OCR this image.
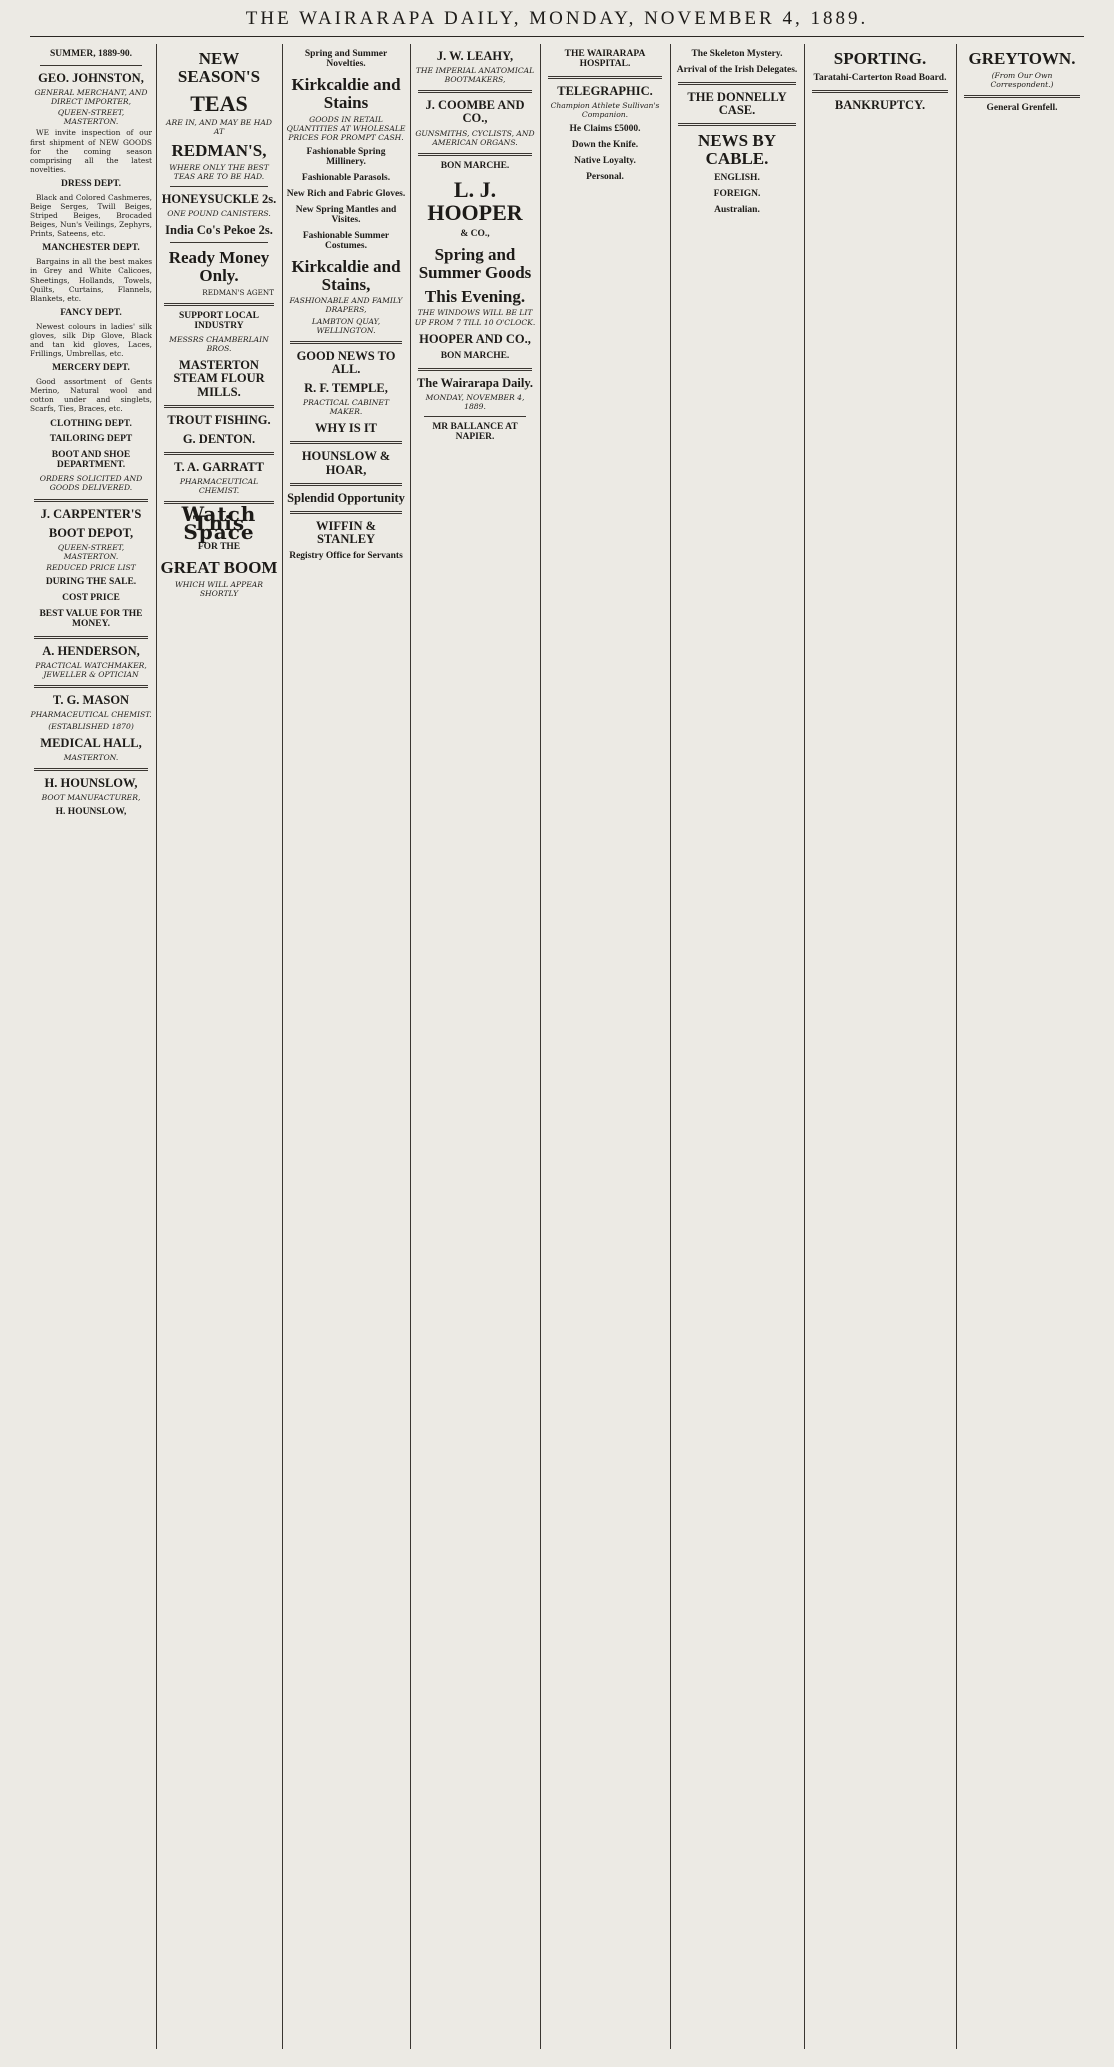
THE WAIRARAPA DAILY, MONDAY, NOVEMBER 4, 1889.
SUMMER, 1889-90.
GEO. JOHNSTON,
GENERAL MERCHANT, AND DIRECT IMPORTER,
QUEEN-STREET, MASTERTON.
WE invite inspection of our first shipment of NEW GOODS for the coming season comprising all the latest novelties.
DRESS DEPT.
Black and Colored Cashmeres, Beige Serges, Twill Beiges, Striped Beiges, Brocaded Beiges, Nun's Veilings, Zephyrs, Prints, Sateens, etc.
MANCHESTER DEPT.
Bargains in all the best makes in Grey and White Calicoes, Sheetings, Hollands, Towels, Quilts, Curtains, Flannels, Blankets, etc.
FANCY DEPT.
Newest colours in ladies' silk gloves, silk Dip Glove, Black and tan kid gloves, Laces, Frillings, Umbrellas, etc.
MERCERY DEPT.
Good assortment of Gents Merino, Natural wool and cotton under and singlets, Scarfs, Ties, Braces, etc.
CLOTHING DEPT.
TAILORING DEPT
BOOT AND SHOE DEPARTMENT.
ORDERS SOLICITED AND GOODS DELIVERED.
J. CARPENTER'S
BOOT DEPOT,
QUEEN-STREET, MASTERTON.
REDUCED PRICE LIST
DURING THE SALE.
COST PRICE
BEST VALUE FOR THE MONEY.
A. HENDERSON,
PRACTICAL WATCHMAKER, JEWELLER & OPTICIAN
T. G. MASON
PHARMACEUTICAL CHEMIST.
(ESTABLISHED 1870)
MEDICAL HALL,
MASTERTON.
H. HOUNSLOW,
BOOT MANUFACTURER,
H. HOUNSLOW,
NEW SEASON'S
TEAS
ARE IN, AND MAY BE HAD AT
REDMAN'S,
WHERE ONLY THE BEST TEAS ARE TO BE HAD.
HONEYSUCKLE 2s.
ONE POUND CANISTERS.
India Co's Pekoe 2s.
Ready Money Only.
REDMAN'S AGENT
SUPPORT LOCAL INDUSTRY
MESSRS CHAMBERLAIN BROS.
MASTERTON STEAM FLOUR MILLS.
TROUT FISHING.
G. DENTON.
T. A. GARRATT
PHARMACEUTICAL CHEMIST.
Watch This Space
FOR THE
GREAT BOOM
WHICH WILL APPEAR SHORTLY
Spring and Summer Novelties.
Kirkcaldie and Stains
GOODS IN RETAIL QUANTITIES AT WHOLESALE PRICES FOR PROMPT CASH.
Fashionable Spring Millinery.
Fashionable Parasols.
New Rich and Fabric Gloves.
New Spring Mantles and Visites.
Fashionable Summer Costumes.
Kirkcaldie and Stains,
FASHIONABLE AND FAMILY DRAPERS,
LAMBTON QUAY, WELLINGTON.
GOOD NEWS TO ALL.
R. F. TEMPLE,
PRACTICAL CABINET MAKER.
WHY IS IT
HOUNSLOW & HOAR,
Splendid Opportunity
WIFFIN & STANLEY
Registry Office for Servants
J. W. LEAHY,
THE IMPERIAL ANATOMICAL BOOTMAKERS,
J. COOMBE AND CO.,
GUNSMITHS, CYCLISTS, AND AMERICAN ORGANS.
BON MARCHE.
L. J. HOOPER
& CO.,
Spring and Summer Goods
This Evening.
THE WINDOWS WILL BE LIT UP FROM 7 TILL 10 O'CLOCK.
HOOPER AND CO.,
BON MARCHE.
The Wairarapa Daily.
MONDAY, NOVEMBER 4, 1889.
MR BALLANCE AT NAPIER.
THE WAIRARAPA HOSPITAL.
TELEGRAPHIC.
Champion Athlete Sullivan's Companion.
He Claims £5000.
Down the Knife.
Native Loyalty.
Personal.
The Skeleton Mystery.
Arrival of the Irish Delegates.
THE DONNELLY CASE.
NEWS BY CABLE.
ENGLISH.
FOREIGN.
Australian.
SPORTING.
Taratahi-Carterton Road Board.
BANKRUPTCY.
GREYTOWN.
(From Our Own Correspondent.)
General Grenfell.
